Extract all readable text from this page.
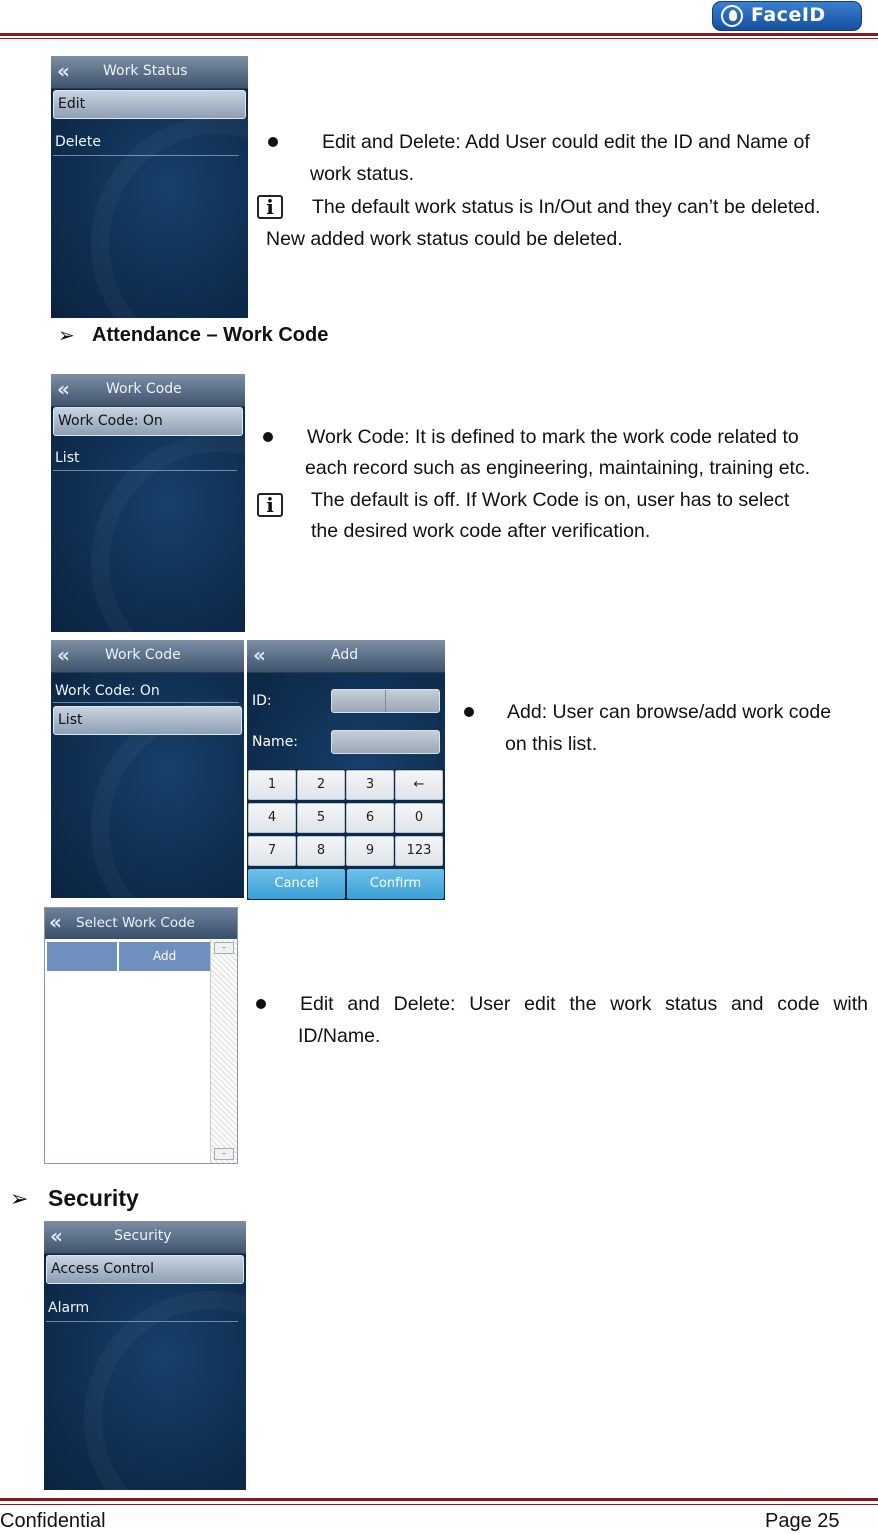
FaceID
«	Work Status
Edit
Delete	Edit and Delete: Add User could edit the ID and Name of
work status.
i	The default work status is In/Out and they can’t be deleted.
New added work status could be deleted.
➢ Attendance – Work Code
«	Work Code
Work Code: On
List
Work Code: It is defined to mark the work code related to
each record such as engineering, maintaining, training etc.
i	The default is off. If Work Code is on, user has to select
the desired work code after verification.
«	Work Code
Work Code: On
List
«	Add
ID:
Name:
1	2	3	←
4	5	6	0
7	8	9	123
Cancel	Confirm
Add: User can browse/add work code
on this list.
« Select Work Code
Add
–
–
Edit and Delete: User edit the work status and code with
ID/Name.
➢ Security
«	Security
Access Control
Alarm
Confidential	Page 25
